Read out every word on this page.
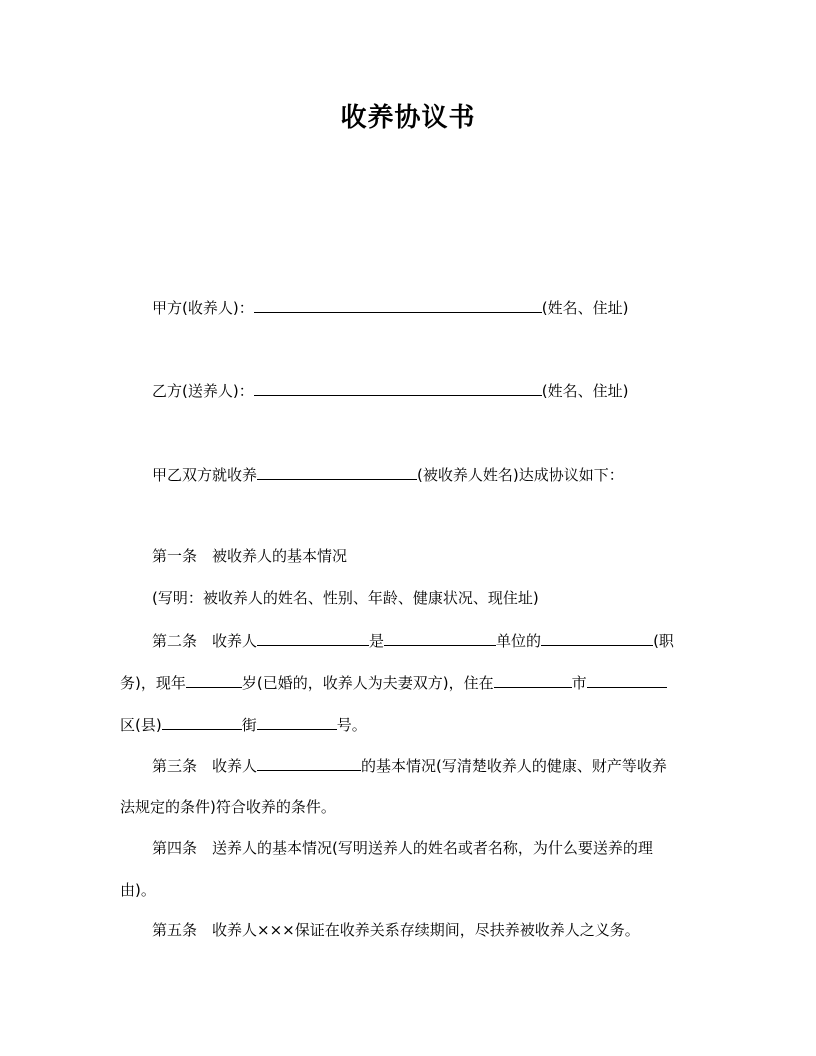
收养协议书
甲方(收养人)：	(姓名、住址)
乙方(送养人)：	(姓名、住址)
甲乙双方就收养	(被收养人姓名)达成协议如下：
第一条 被收养人的基本情况
(写明：被收养人的姓名、性别、年龄、健康状况、现住址)
第二条 收养人	是	单位的	(职
务)，现年	岁(已婚的，收养人为夫妻双方)，住在	市
区(县)	街	号。
第三条 收养人	的基本情况(写清楚收养人的健康、财产等收养
法规定的条件)符合收养的条件。
第四条 送养人的基本情况(写明送养人的姓名或者名称，为什么要送养的理
由)。
第五条 收养人×××保证在收养关系存续期间，尽扶养被收养人之义务。
